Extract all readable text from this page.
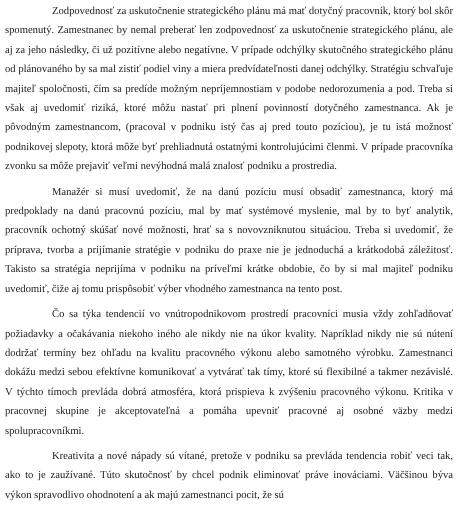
Zodpovednosť za uskutočnenie strategického plánu má mať dotyčný pracovník, ktorý bol skôr spomenutý. Zamestnanec by nemal preberať len zodpovednosť za uskutočnenie strategického plánu, ale aj za jeho následky, či už pozitívne alebo negatívne. V prípade odchýlky skutočného strategického plánu od plánovaného by sa mal zistiť podiel viny a miera predvídateľnosti danej odchýlky. Stratégiu schvaľuje majiteľ spoločnosti, čím sa predíde možným nepríjemnostiam v podobe nedorozumenia a pod. Treba si však aj uvedomiť riziká, ktoré môžu nastať pri plnení povinností dotyčného zamestnanca. Ak je pôvodným zamestnancom, (pracoval v podniku istý čas aj pred touto pozíciou), je tu istá možnosť podnikovej slepoty, ktorá môže byť prehliadnutá ostatnými kontrolujúcimi členmi. V prípade pracovníka zvonku sa môže prejaviť veľmi nevýhodná malá znalosť podniku a prostredia.

Manažér si musí uvedomiť, že na danú pozíciu musí obsadiť zamestnanca, ktorý má predpoklady na danú pracovnú pozíciu, mal by mať systémové myslenie, mal by to byť analytik, pracovník ochotný skúšať nové možnosti, hrať sa s novovzniknutou situáciou. Treba si uvedomiť, že príprava, tvorba a prijímanie stratégie v podniku do praxe nie je jednoduchá a krátkodobá záležitosť. Takisto sa stratégia neprijíma v podniku na príveľmi krátke obdobie, čo by si mal majiteľ podniku uvedomiť, čiže aj tomu prispôsobiť výber vhodného zamestnanca na tento post.

Čo sa týka tendencií vo vnútropodnikovom prostredí pracovníci musia vždy zohľadňovať požiadavky a očakávania niekoho iného ale nikdy nie na úkor kvality. Napríklad nikdy nie sú nútení dodržať termíny bez ohľadu na kvalitu pracovného výkonu alebo samotného výrobku. Zamestnanci dokážu medzi sebou efektívne komunikovať a vytvárať tak tímy, ktoré sú flexibilné a takmer nezávislé. V týchto tímoch prevláda dobrá atmosféra, ktorá prispieva k zvýšeniu pracovného výkonu. Kritika v pracovnej skupine je akceptovateľná a pomáha upevniť pracovné aj osobné väzby medzi spolupracovníkmi.

Kreativita a nové nápady sú vítané, pretože v podniku sa prevláda tendencia robiť veci tak, ako to je zaužívané. Túto skutočnosť by chcel podnik eliminovať práve inováciami. Väčšinou býva výkon spravodlivo ohodnotení a ak majú zamestnanci pocit, že sú
